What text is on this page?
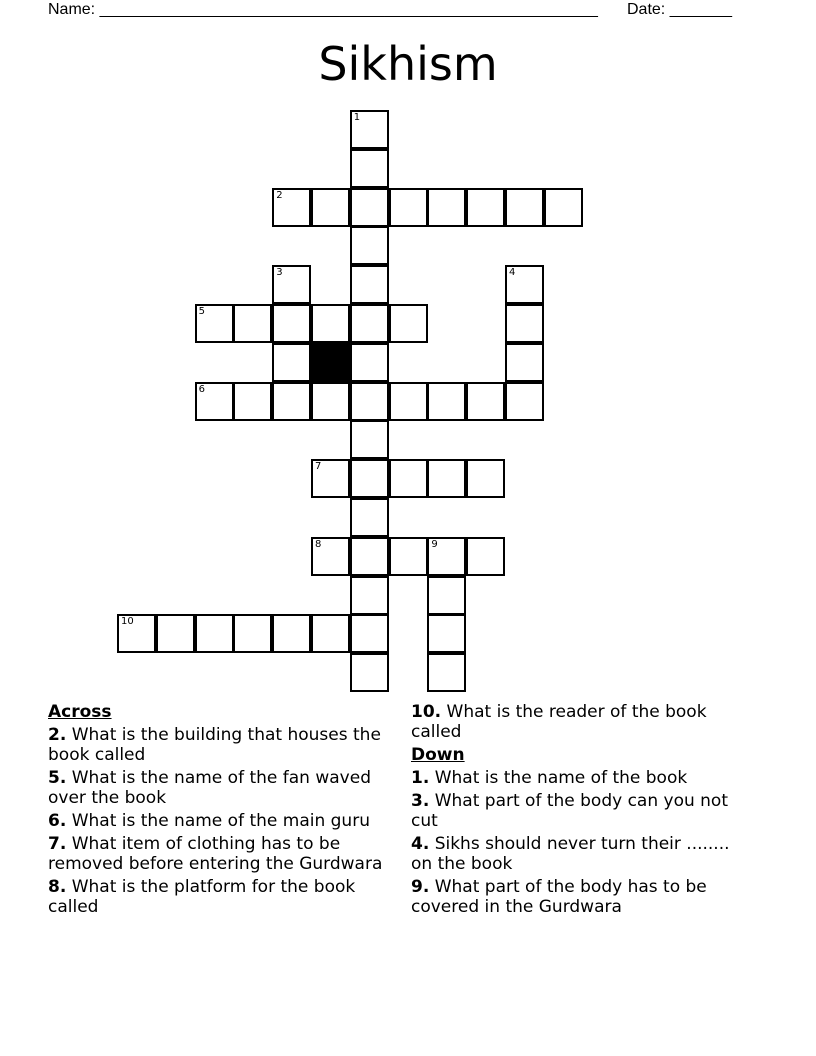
Name: ________________________________________________________ Date: _______
Sikhism
1
2
3	4
5
6
7
8	9
10
Across
2. What is the building that houses the book called
5. What is the name of the fan waved over the book
6. What is the name of the main guru
7. What item of clothing has to be removed before entering the Gurdwara
8. What is the platform for the book called
10. What is the reader of the book called
Down
1. What is the name of the book
3. What part of the body can you not cut
4. Sikhs should never turn their ........ on the book
9. What part of the body has to be covered in the Gurdwara
